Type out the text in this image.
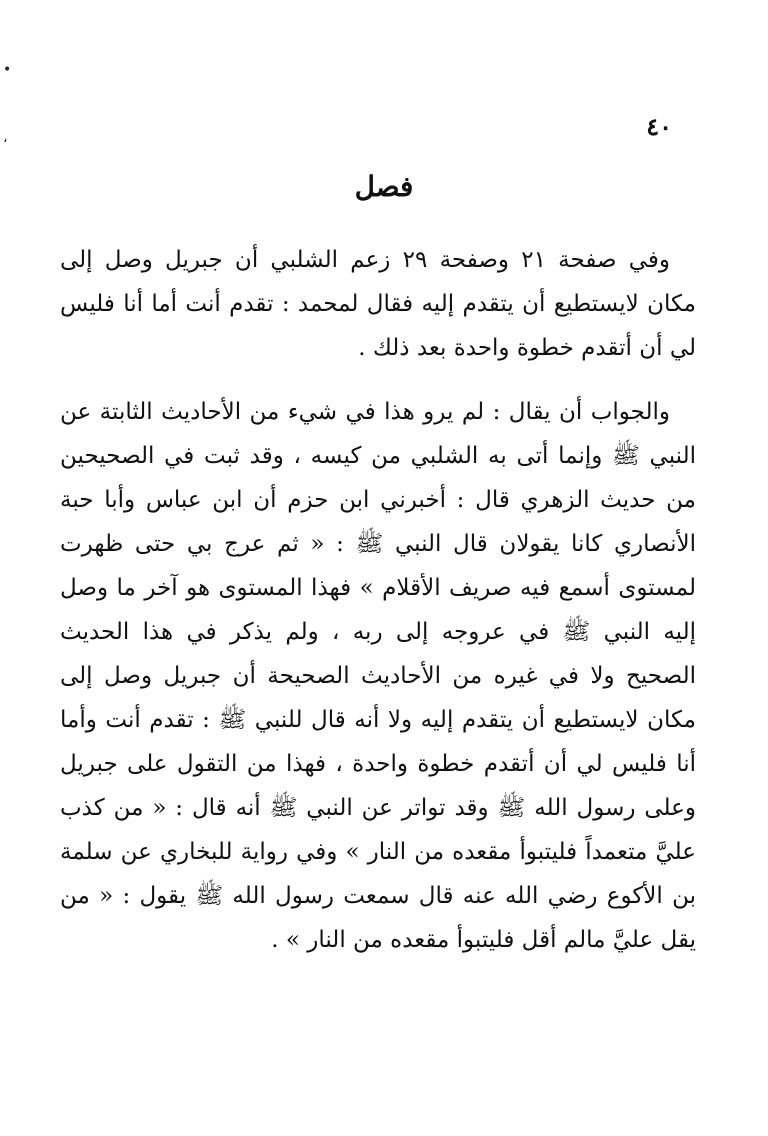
•
،	٤٠
فصل
وفي صفحة ٢١ وصفحة ٢٩ زعم الشلبي أن جبريل وصل إلى مكان لايستطيع أن يتقدم إليه فقال لمحمد : تقدم أنت أما أنا فليس لي أن أتقدم خطوة واحدة بعد ذلك .
والجواب أن يقال : لم يرو هذا في شيء من الأحاديث الثابتة عن النبي ﷺ وإنما أتى به الشلبي من كيسه ، وقد ثبت في الصحيحين من حديث الزهري قال : أخبرني ابن حزم أن ابن عباس وأبا حبة الأنصاري كانا يقولان قال النبي ﷺ : « ثم عرج بي حتى ظهرت لمستوى أسمع فيه صريف الأقلام » فهذا المستوى هو آخر ما وصل إليه النبي ﷺ في عروجه إلى ربه ، ولم يذكر في هذا الحديث الصحيح ولا في غيره من الأحاديث الصحيحة أن جبريل وصل إلى مكان لايستطيع أن يتقدم إليه ولا أنه قال للنبي ﷺ : تقدم أنت وأما أنا فليس لي أن أتقدم خطوة واحدة ، فهذا من التقول على جبريل وعلى رسول الله ﷺ وقد تواتر عن النبي ﷺ أنه قال : « من كذب عليَّ متعمداً فليتبوأ مقعده من النار » وفي رواية للبخاري عن سلمة بن الأكوع رضي الله عنه قال سمعت رسول الله ﷺ يقول : « من يقل عليَّ مالم أقل فليتبوأ مقعده من النار » .
